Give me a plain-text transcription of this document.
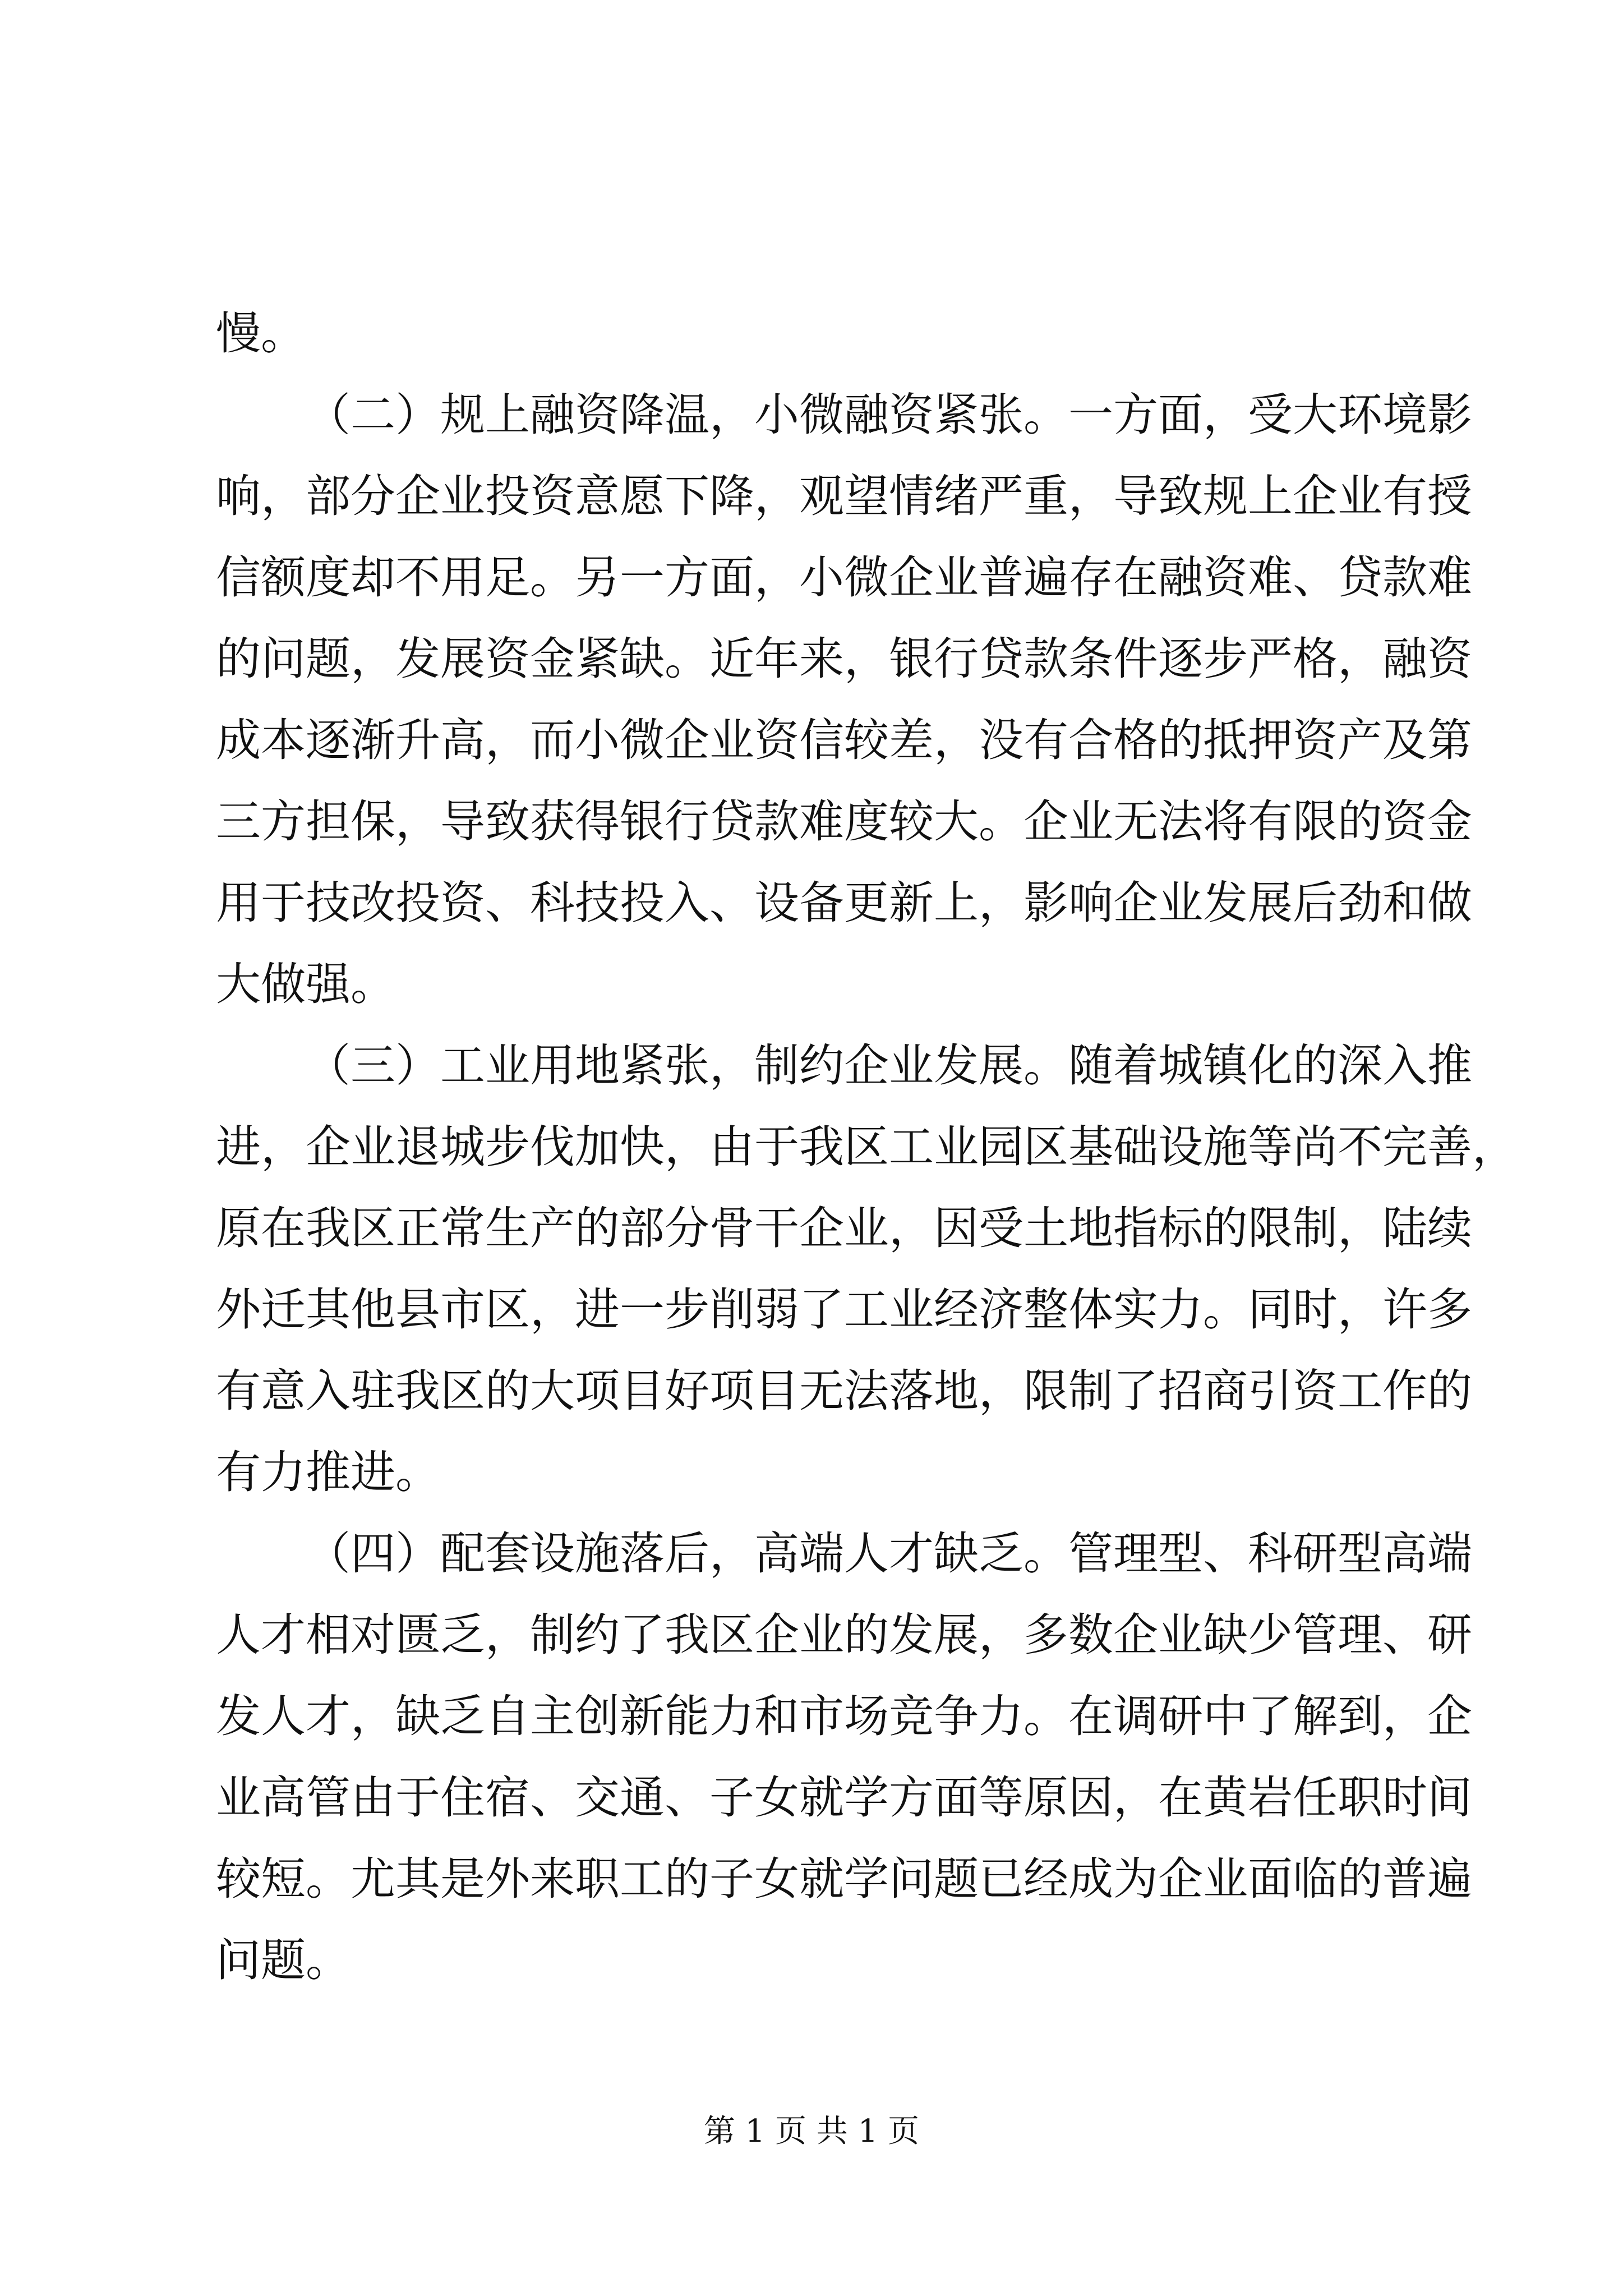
慢。
（二）规上融资降温，小微融资紧张。一方面，受大环境影
响，部分企业投资意愿下降，观望情绪严重，导致规上企业有授
信额度却不用足。另一方面，小微企业普遍存在融资难、贷款难
的问题，发展资金紧缺。近年来，银行贷款条件逐步严格，融资
成本逐渐升高，而小微企业资信较差，没有合格的抵押资产及第
三方担保，导致获得银行贷款难度较大。企业无法将有限的资金
用于技改投资、科技投入、设备更新上，影响企业发展后劲和做
大做强。
（三）工业用地紧张，制约企业发展。随着城镇化的深入推
进，企业退城步伐加快，由于我区工业园区基础设施等尚不完善，
原在我区正常生产的部分骨干企业，因受土地指标的限制，陆续
外迁其他县市区，进一步削弱了工业经济整体实力。同时，许多
有意入驻我区的大项目好项目无法落地，限制了招商引资工作的
有力推进。
（四）配套设施落后，高端人才缺乏。管理型、科研型高端
人才相对匮乏，制约了我区企业的发展，多数企业缺少管理、研
发人才，缺乏自主创新能力和市场竞争力。在调研中了解到，企
业高管由于住宿、交通、子女就学方面等原因，在黄岩任职时间
较短。尤其是外来职工的子女就学问题已经成为企业面临的普遍
问题。
第 1 页 共 1 页
